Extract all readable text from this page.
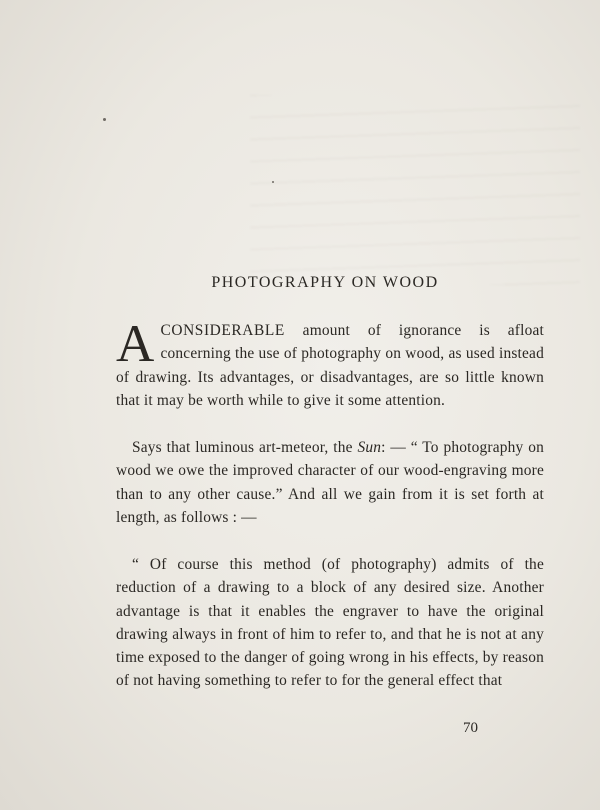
PHOTOGRAPHY ON WOOD

ACONSIDERABLE amount of ignorance is afloat concerning the use of photography on wood, as used instead of drawing. Its advantages, or disadvantages, are so little known that it may be worth while to give it some attention.

Says that luminous art-meteor, the Sun: — “ To photography on wood we owe the improved character of our wood-engraving more than to any other cause.” And all we gain from it is set forth at length, as follows : —

“ Of course this method (of photography) admits of the reduction of a drawing to a block of any desired size. Another advantage is that it enables the engraver to have the original drawing always in front of him to refer to, and that he is not at any time exposed to the danger of going wrong in his effects, by reason of not having something to refer to for the general effect that

70
